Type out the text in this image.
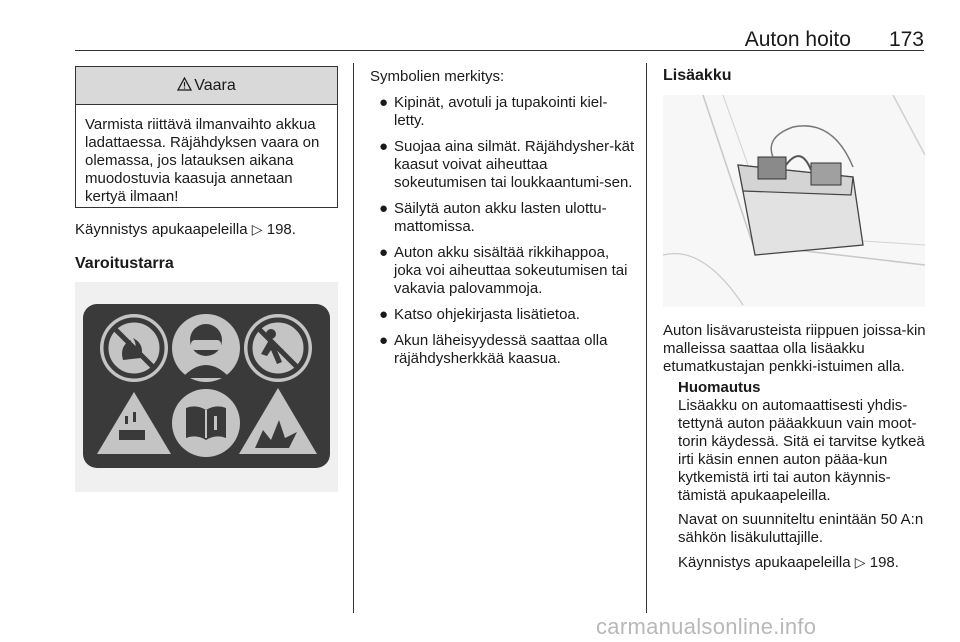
Auton hoito 173
Vaara
Varmista riittävä ilmanvaihto akkua ladattaessa. Räjähdyksen vaara on olemassa, jos latauksen aikana muodostuvia kaasuja annetaan kertyä ilmaan!
Käynnistys apukaapeleilla ▷ 198.
Varoitustarra

Symbolien merkitys:

● Kipinät, avotuli ja tupakointi kiel-letty.
● Suojaa aina silmät. Räjähdysher-kät kaasut voivat aiheuttaa sokeutumisen tai loukkaantumi-sen.
● Säilytä auton akku lasten ulottu-mattomissa.
● Auton akku sisältää rikkihappoa, joka voi aiheuttaa sokeutumisen tai vakavia palovammoja.
● Katso ohjekirjasta lisätietoa.
● Akun läheisyydessä saattaa olla räjähdysherkkää kaasua.
Lisäakku
Auton lisävarusteista riippuen joissa-kin malleissa saattaa olla lisäakku etumatkustajan penkki-istuimen alla.

Huomautus

Lisäakku on automaattisesti yhdis-tettynä auton pääakkuun vain moot-torin käydessä. Sitä ei tarvitse kytkeä irti käsin ennen auton pääa-kun kytkemistä irti tai auton käynnis-tämistä apukaapeleilla.

Navat on suunniteltu enintään 50 A:n sähkön lisäkuluttajille.

Käynnistys apukaapeleilla ▷ 198.

carmanualsonline.info
